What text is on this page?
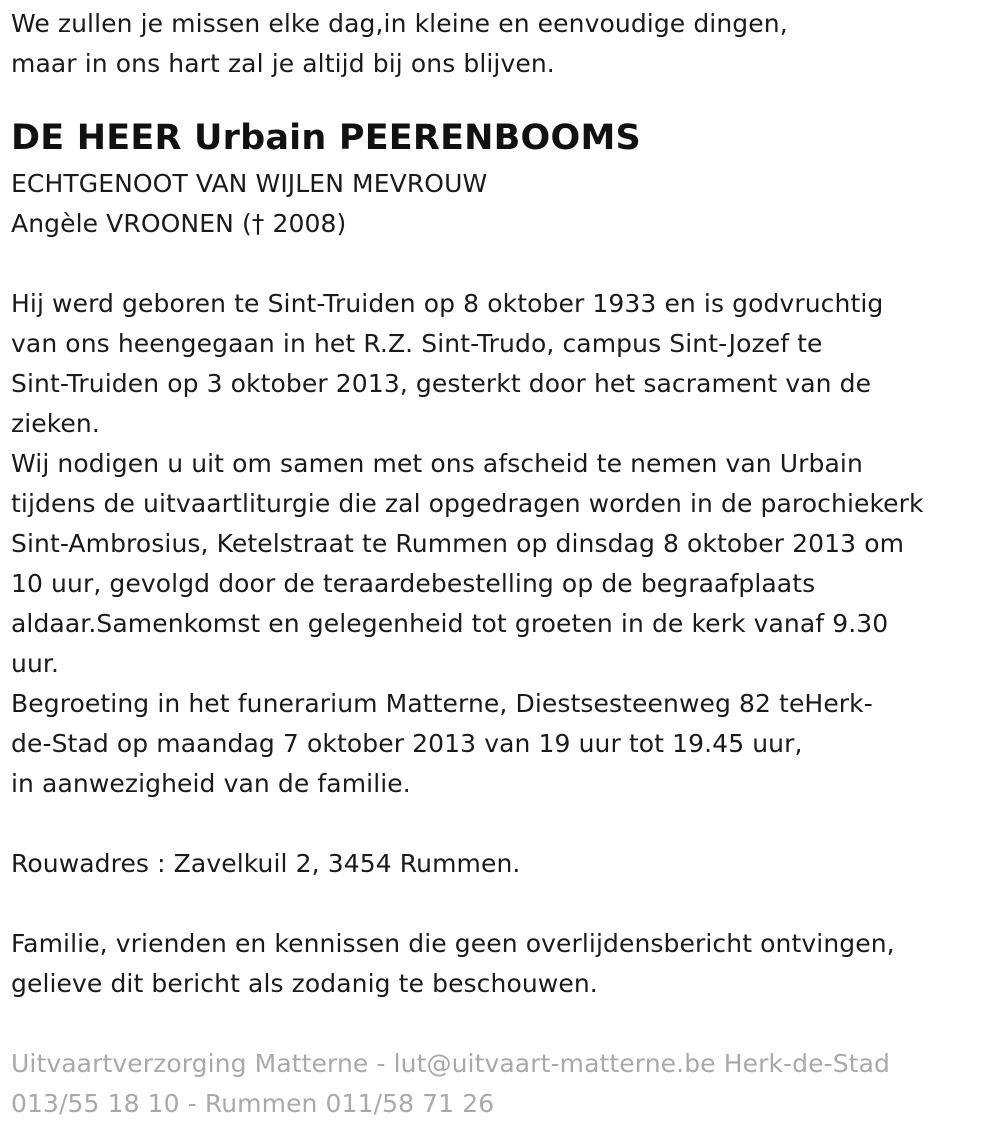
We zullen je missen elke dag,in kleine en eenvoudige dingen,
maar in ons hart zal je altijd bij ons blijven.
DE HEER Urbain PEERENBOOMS
ECHTGENOOT VAN WIJLEN MEVROUW
Angèle VROONEN († 2008)
Hij werd geboren te Sint-Truiden op 8 oktober 1933 en is godvruchtig
van ons heengegaan in het R.Z. Sint-Trudo, campus Sint-Jozef te
Sint-Truiden op 3 oktober 2013, gesterkt door het sacrament van de
zieken.
Wij nodigen u uit om samen met ons afscheid te nemen van Urbain
tijdens de uitvaartliturgie die zal opgedragen worden in de parochiekerk
Sint-Ambrosius, Ketelstraat te Rummen op dinsdag 8 oktober 2013 om
10 uur, gevolgd door de teraardebestelling op de begraafplaats
aldaar.Samenkomst en gelegenheid tot groeten in de kerk vanaf 9.30
uur.
Begroeting in het funerarium Matterne, Diestsesteenweg 82 teHerk-
de-Stad op maandag 7 oktober 2013 van 19 uur tot 19.45 uur,
in aanwezigheid van de familie.
Rouwadres : Zavelkuil 2, 3454 Rummen.
Familie, vrienden en kennissen die geen overlijdensbericht ontvingen,
gelieve dit bericht als zodanig te beschouwen.
Uitvaartverzorging Matterne - lut@uitvaart-matterne.be Herk-de-Stad
013/55 18 10 - Rummen 011/58 71 26
